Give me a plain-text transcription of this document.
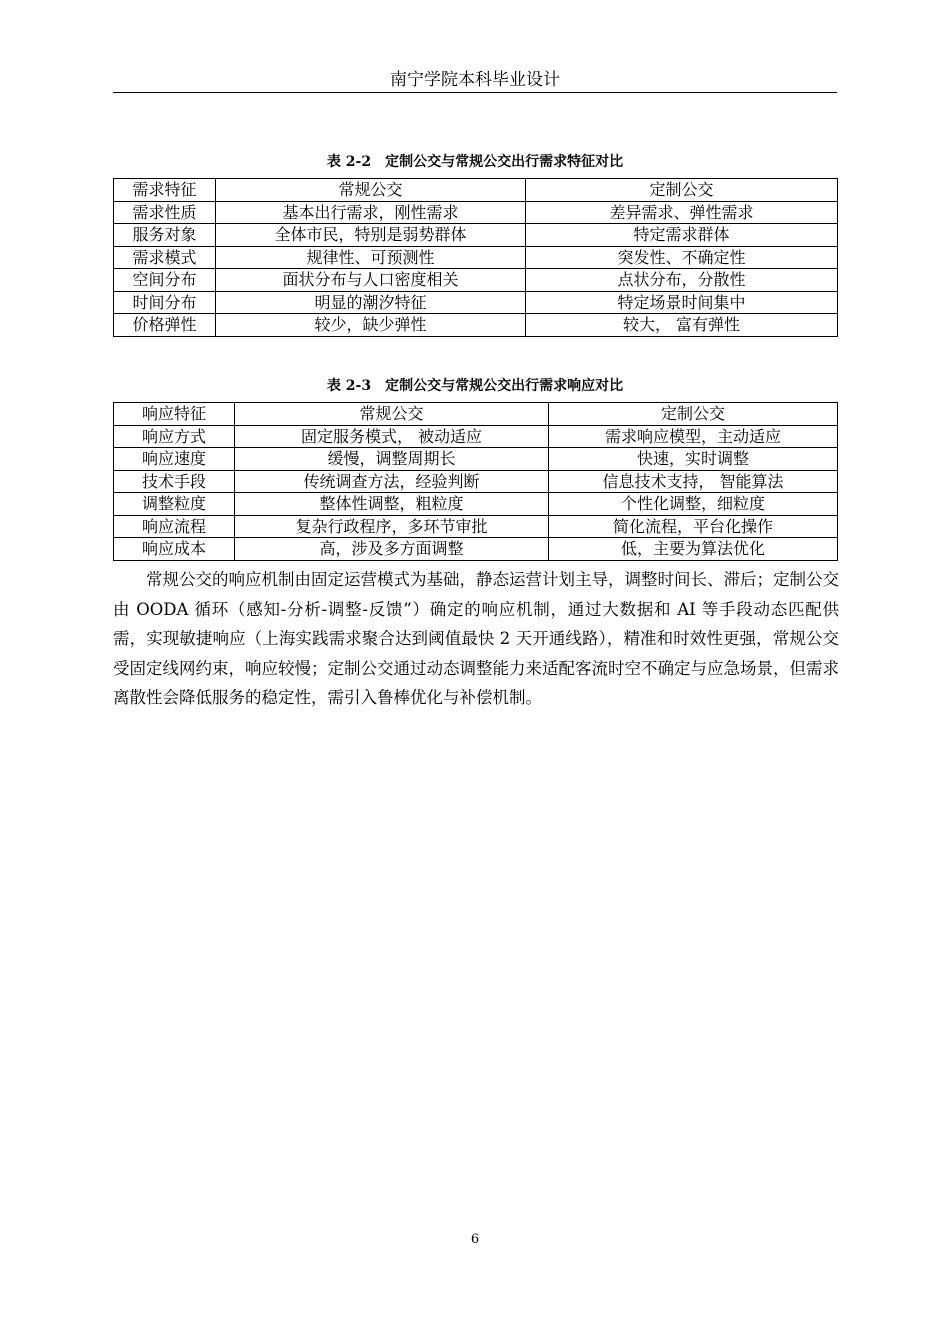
南宁学院本科毕业设计
表 2-2 定制公交与常规公交出行需求特征对比
需求特征	常规公交	定制公交
需求性质	基本出行需求，刚性需求	差异需求、弹性需求
服务对象	全体市民，特别是弱势群体	特定需求群体
需求模式	规律性、可预测性	突发性、不确定性
空间分布	面状分布与人口密度相关	点状分布，分散性
时间分布	明显的潮汐特征	特定场景时间集中
价格弹性	较少，缺少弹性	较大， 富有弹性
表 2-3 定制公交与常规公交出行需求响应对比
响应特征	常规公交	定制公交
响应方式	固定服务模式， 被动适应	需求响应模型，主动适应
响应速度	缓慢，调整周期长	快速，实时调整
技术手段	传统调查方法，经验判断	信息技术支持， 智能算法
调整粒度	整体性调整，粗粒度	个性化调整，细粒度
响应流程	复杂行政程序，多环节审批	简化流程，平台化操作
响应成本	高，涉及多方面调整	低，主要为算法优化

常规公交的响应机制由固定运营模式为基础，静态运营计划主导，调整时间长、滞后；定制公交由 OODA 循环（感知-分析-调整-反馈”）确定的响应机制，通过大数据和 AI 等手段动态匹配供需，实现敏捷响应（上海实践需求聚合达到阈值最快 2 天开通线路），精准和时效性更强，常规公交受固定线网约束，响应较慢；定制公交通过动态调整能力来适配客流时空不确定与应急场景，但需求离散性会降低服务的稳定性，需引入鲁棒优化与补偿机制。

6
